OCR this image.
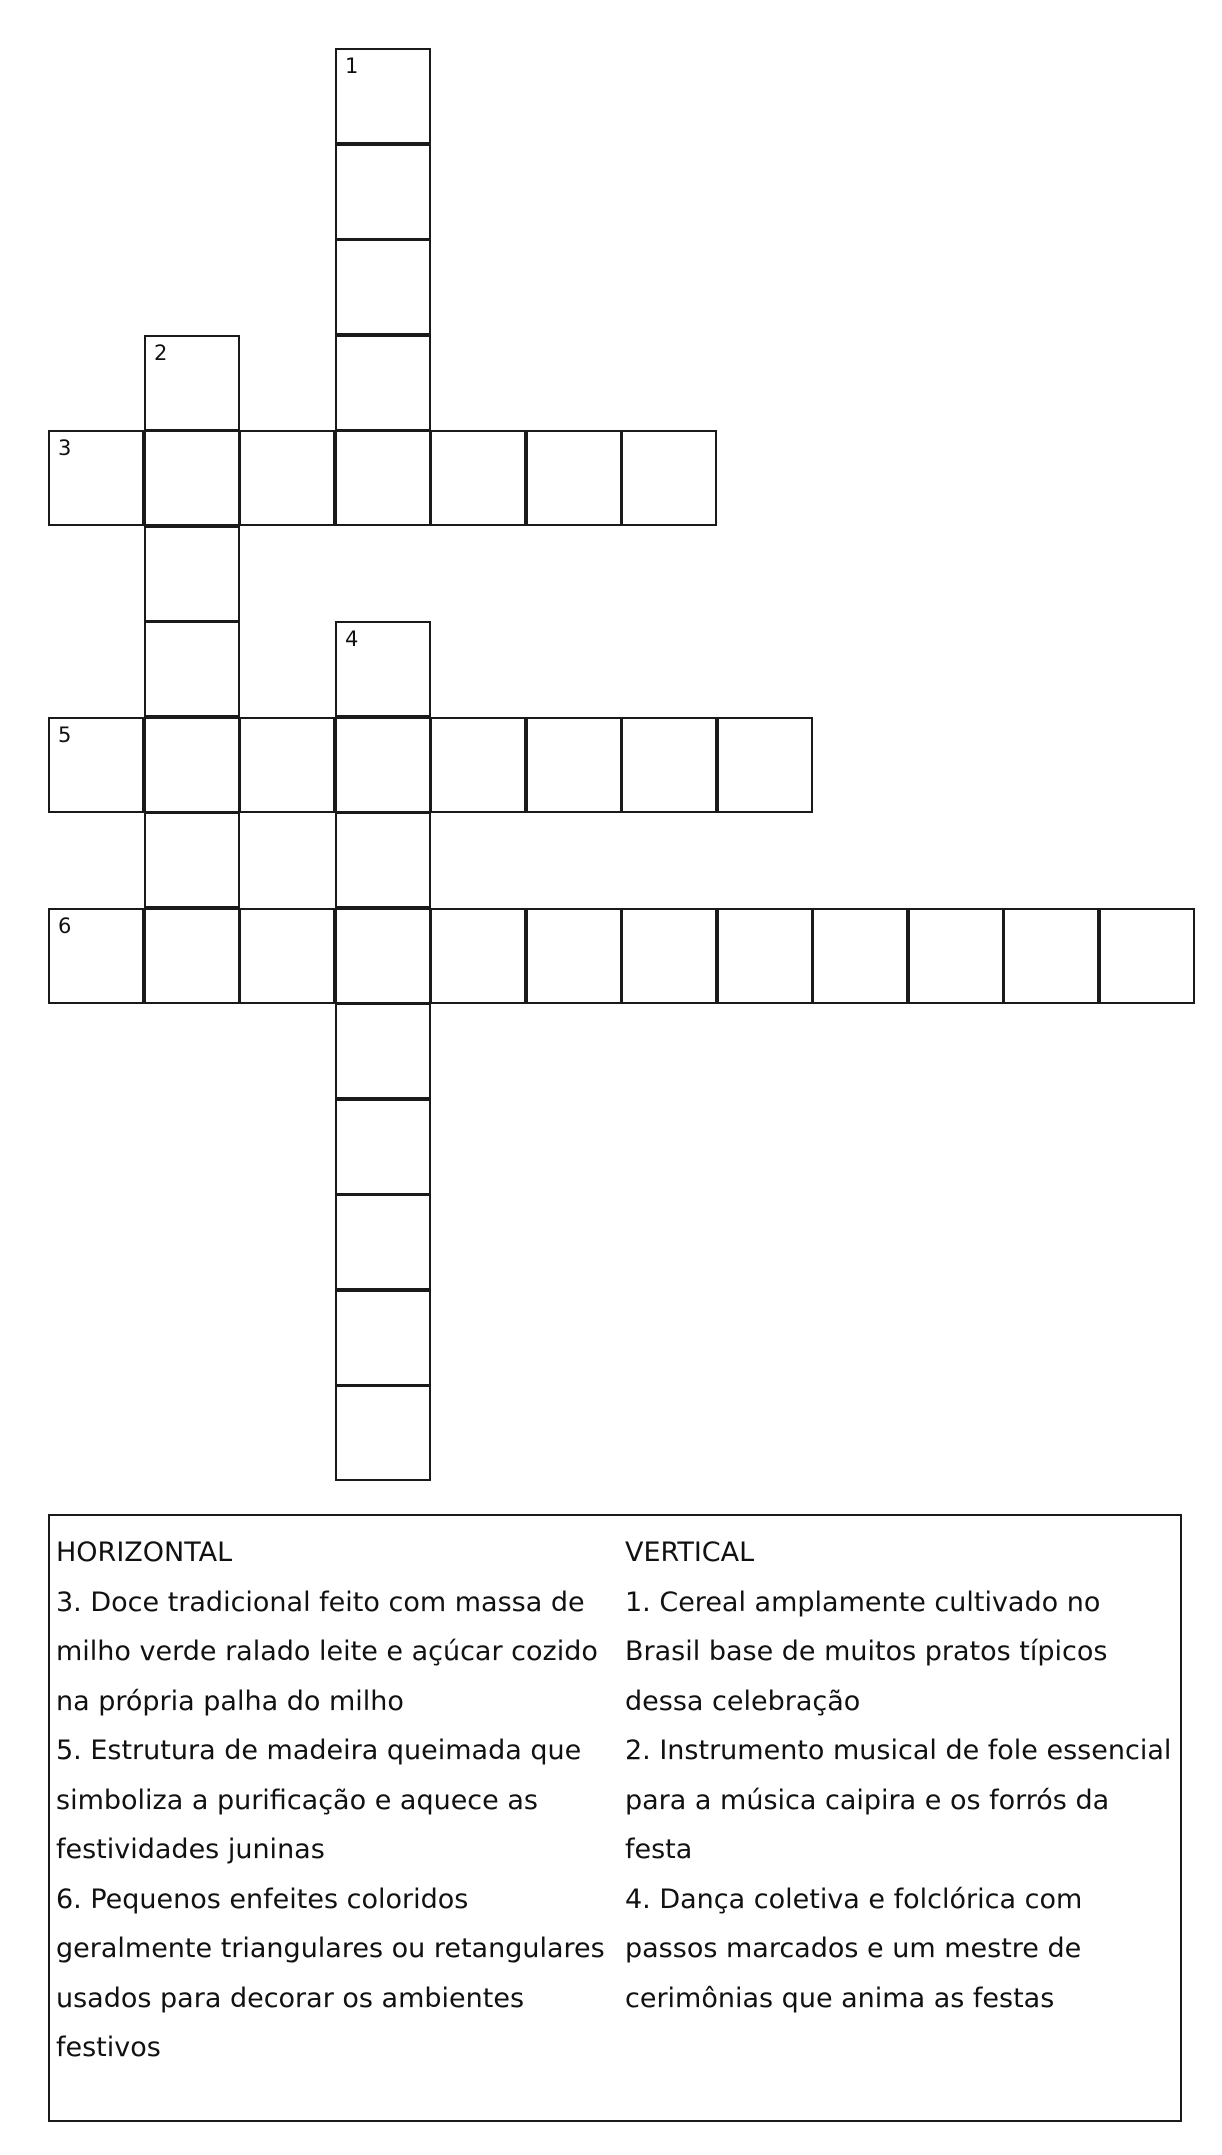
1
2
3
4
5
6
HORIZONTAL
3. Doce tradicional feito com massa de milho verde ralado leite e açúcar cozido na própria palha do milho
5. Estrutura de madeira queimada que simboliza a purificação e aquece as festividades juninas
6. Pequenos enfeites coloridos geralmente triangulares ou retangulares usados para decorar os ambientes festivos
VERTICAL
1. Cereal amplamente cultivado no Brasil base de muitos pratos típicos dessa celebração
2. Instrumento musical de fole essencial para a música caipira e os forrós da festa
4. Dança coletiva e folclórica com passos marcados e um mestre de cerimônias que anima as festas
